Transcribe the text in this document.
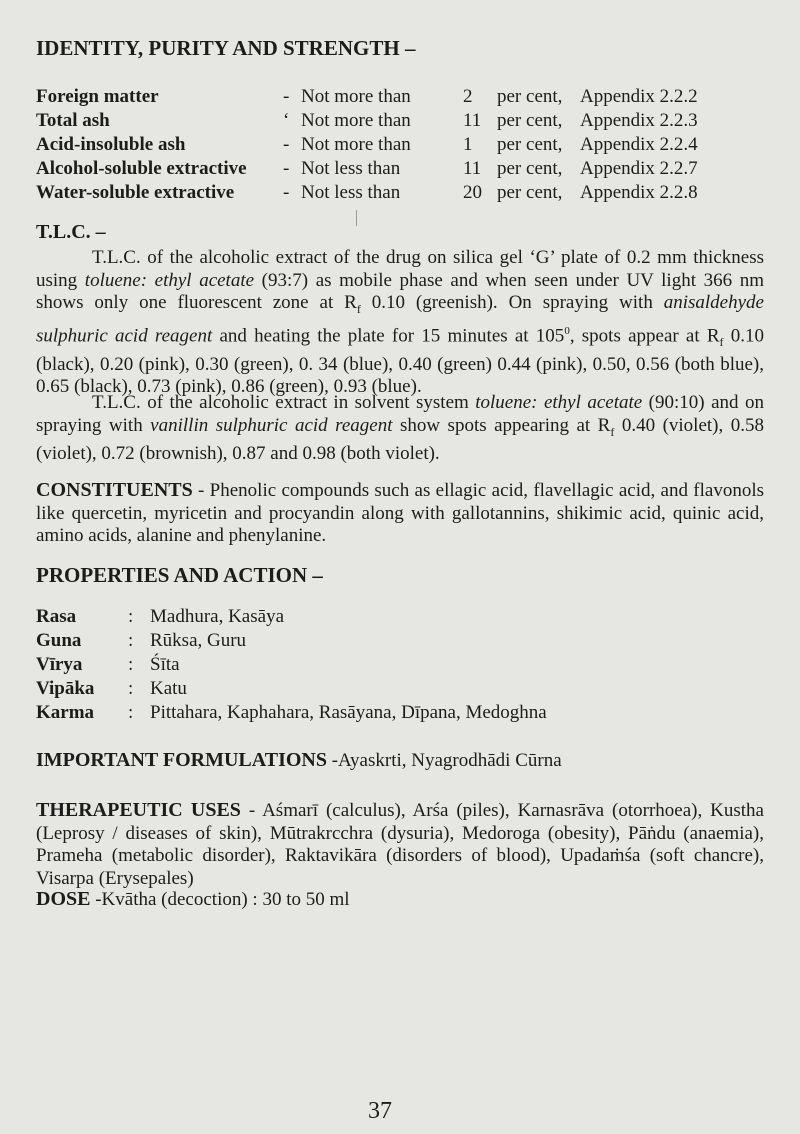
IDENTITY, PURITY AND STRENGTH –
Foreign matter	- Not more than	2	per cent, Appendix 2.2.2
Total ash	‘ Not more than	11 per cent, Appendix 2.2.3
Acid-insoluble ash	- Not more than	1	per cent, Appendix 2.2.4
Alcohol-soluble extractive - Not less than	11 per cent, Appendix 2.2.7
Water-soluble extractive	- Not less than	20 per cent, Appendix 2.2.8
T.L.C. –
T.L.C. of the alcoholic extract of the drug on silica gel ‘G’ plate of 0.2 mm thickness using toluene: ethyl acetate (93:7) as mobile phase and when seen under UV light 366 nm shows only one fluorescent zone at $R_f$ 0.10 (greenish). On spraying with anisaldehyde sulphuric acid reagent and heating the plate for 15 minutes at $105^0$, spots appear at $R_f$ 0.10 (black), 0.20 (pink), 0.30 (green), 0. 34 (blue), 0.40 (green) 0.44 (pink), 0.50, 0.56 (both blue), 0.65 (black), 0.73 (pink), 0.86 (green), 0.93 (blue).
T.L.C. of the alcoholic extract in solvent system toluene: ethyl acetate (90:10) and on spraying with vanillin sulphuric acid reagent show spots appearing at $R_f$ 0.40 (violet), 0.58 (violet), 0.72 (brownish), 0.87 and 0.98 (both violet).
CONSTITUENTS - Phenolic compounds such as ellagic acid, flavellagic acid, and flavonols like quercetin, myricetin and procyandin along with gallotannins, shikimic acid, quinic acid, amino acids, alanine and phenylanine.
PROPERTIES AND ACTION –
Rasa	: Madhura, Kasāya
Guna : Rūksa, Guru
Vīrya : Śīta
Vipāka : Katu
Karma : Pittahara, Kaphahara, Rasāyana, Dīpana, Medoghna
IMPORTANT FORMULATIONS -Ayaskrti, Nyagrodhādi Cūrna
THERAPEUTIC USES - Aśmarī (calculus), Arśa (piles), Karnasrāva (otorrhoea), Kustha (Leprosy / diseases of skin), Mūtrakrcchra (dysuria), Medoroga (obesity), Pāṅdu (anaemia), Prameha (metabolic disorder), Raktavikāra (disorders of blood), Upadaṁśa (soft chancre), Visarpa (Erysepales)
DOSE -Kvātha (decoction) : 30 to 50 ml
37
